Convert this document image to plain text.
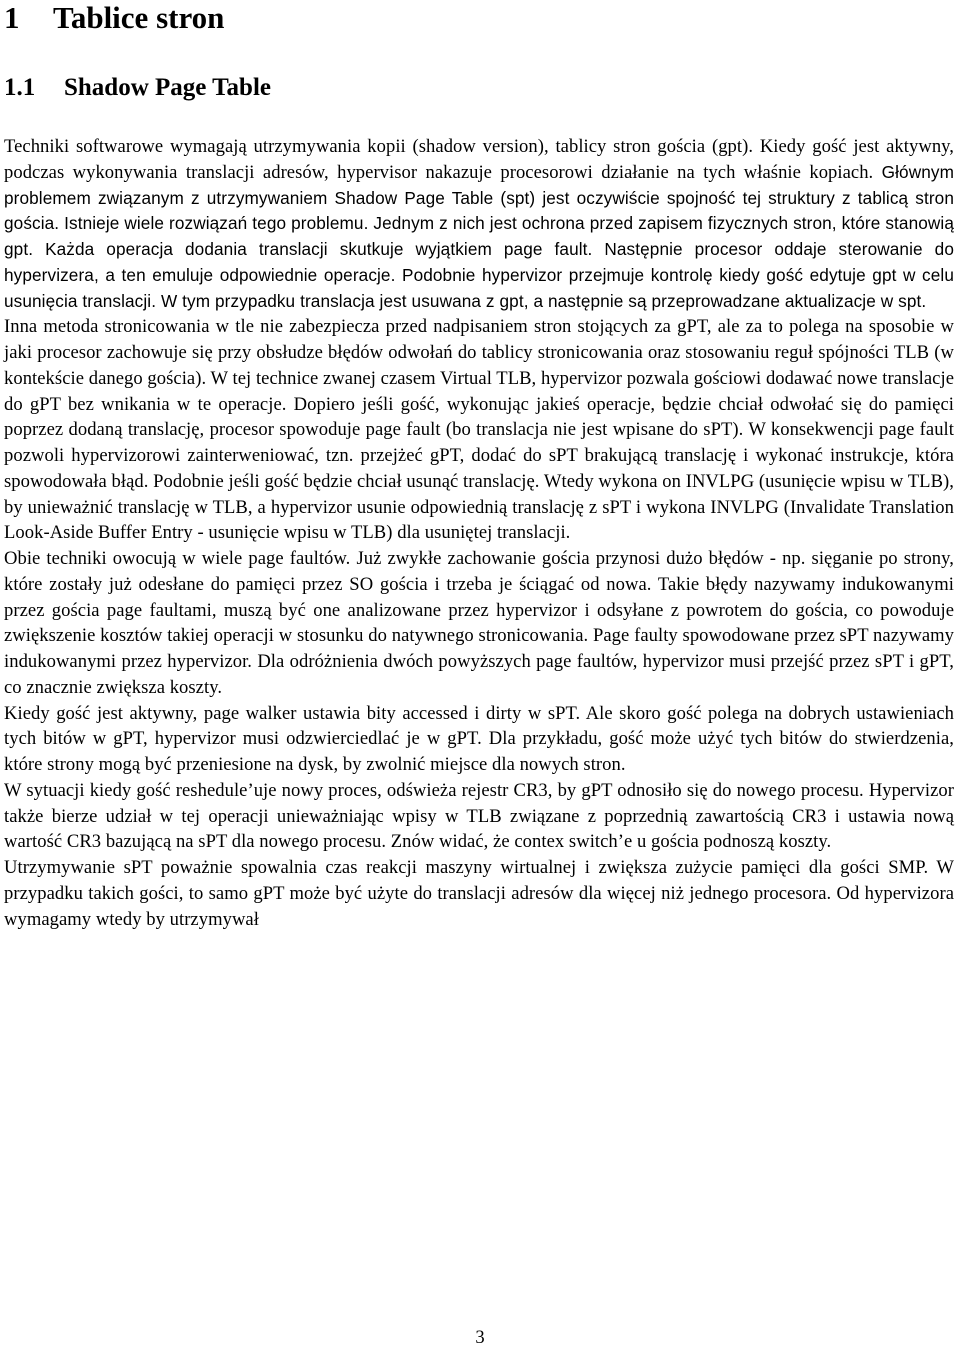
1 Tablice stron
1.1 Shadow Page Table

Techniki softwarowe wymagają utrzymywania kopii (shadow version), tablicy stron gościa (gpt). Kiedy gość jest aktywny, podczas wykonywania translacji adresów, hypervisor nakazuje procesorowi działanie na tych właśnie kopiach. Głównym problemem związanym z utrzymywaniem Shadow Page Table (spt) jest oczywiście spojność tej struktury z tablicą stron gościa. Istnieje wiele rozwiązań tego problemu. Jednym z nich jest ochrona przed zapisem fizycznych stron, które stanowią gpt. Każda operacja dodania translacji skutkuje wyjątkiem page fault. Następnie procesor oddaje sterowanie do hypervizera, a ten emuluje odpowiednie operacje. Podobnie hypervizor przejmuje kontrolę kiedy gość edytuje gpt w celu usunięcia translacji. W tym przypadku translacja jest usuwana z gpt, a następnie są przeprowadzane aktualizacje w spt.

Inna metoda stronicowania w tle nie zabezpiecza przed nadpisaniem stron stojących za gPT, ale za to polega na sposobie w jaki procesor zachowuje się przy obsłudze błędów odwołań do tablicy stronicowania oraz stosowaniu reguł spójności TLB (w kontekście danego gościa). W tej technice zwanej czasem Virtual TLB, hypervizor pozwala gościowi dodawać nowe translacje do gPT bez wnikania w te operacje. Dopiero jeśli gość, wykonując jakieś operacje, będzie chciał odwołać się do pamięci poprzez dodaną translację, procesor spowoduje page fault (bo translacja nie jest wpisane do sPT). W konsekwencji page fault pozwoli hypervizorowi zainterweniować, tzn. przejżeć gPT, dodać do sPT brakującą translację i wykonać instrukcje, która spowodowała błąd. Podobnie jeśli gość będzie chciał usunąć translację. Wtedy wykona on INVLPG (usunięcie wpisu w TLB), by unieważnić translację w TLB, a hypervizor usunie odpowiednią translację z sPT i wykona INVLPG (Invalidate Translation Look-Aside Buffer Entry - usunięcie wpisu w TLB) dla usuniętej translacji.

Obie techniki owocują w wiele page faultów. Już zwykłe zachowanie gościa przynosi dużo błędów - np. sięganie po strony, które zostały już odesłane do pamięci przez SO gościa i trzeba je ściągać od nowa. Takie błędy nazywamy indukowanymi przez gościa page faultami, muszą być one analizowane przez hypervizor i odsyłane z powrotem do gościa, co powoduje zwiększenie kosztów takiej operacji w stosunku do natywnego stronicowania. Page faulty spowodowane przez sPT nazywamy indukowanymi przez hypervizor. Dla odróżnienia dwóch powyższych page faultów, hypervizor musi przejść przez sPT i gPT, co znacznie zwiększa koszty.

Kiedy gość jest aktywny, page walker ustawia bity accessed i dirty w sPT. Ale skoro gość polega na dobrych ustawieniach tych bitów w gPT, hypervizor musi odzwierciedlać je w gPT. Dla przykładu, gość może użyć tych bitów do stwierdzenia, które strony mogą być przeniesione na dysk, by zwolnić miejsce dla nowych stron.

W sytuacji kiedy gość reshedule’uje nowy proces, odświeża rejestr CR3, by gPT odnosiło się do nowego procesu. Hypervizor także bierze udział w tej operacji unieważniając wpisy w TLB związane z poprzednią zawartością CR3 i ustawia nową wartość CR3 bazującą na sPT dla nowego procesu. Znów widać, że contex switch’e u gościa podnoszą koszty.

Utrzymywanie sPT poważnie spowalnia czas reakcji maszyny wirtualnej i zwiększa zużycie pamięci dla gości SMP. W przypadku takich gości, to samo gPT może być użyte do translacji adresów dla więcej niż jednego procesora. Od hypervizora wymagamy wtedy by utrzymywał

3
